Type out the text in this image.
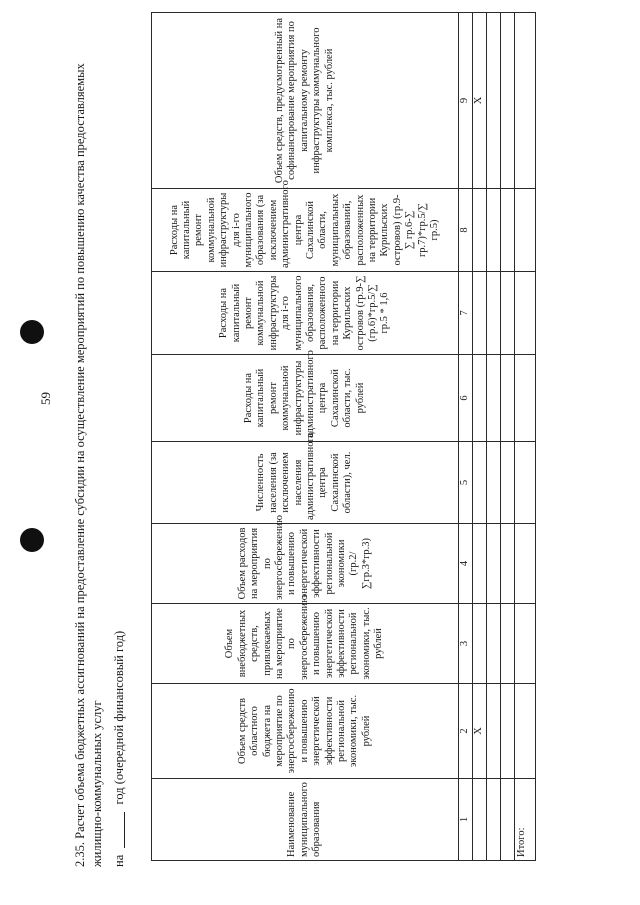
59 2.35. Расчет объема бюджетных ассигнований на предоставление субсидии на осуществление мероприятий по повышению качества предоставляемых жилищно-коммунальных услуг на  год (очередной финансовый год)
Наименование муниципального образования	Объем средств областного бюджета на мероприятие по энергосбережению и повышению энергетической эффективности региональной экономики, тыс. рублей	Объем внебюджетных средств, привлекаемых на мероприятие по энергосбережению и повышению энергетической эффективности региональной экономики, тыс. рублей	Объем расходов на мероприятия по энергосбережению и повышению энергетической эффективности региональной экономики (гр.2/∑гр.3*гр.3)	Численность населения (за исключением населения административного центра Сахалинской области), чел.	Расходы на капитальный ремонт коммунальной инфраструктуры административного центра Сахалинской области, тыс. рублей	Расходы на капитальный ремонт коммунальной инфраструктуры для i-го муниципального образования, расположенного на территории Курильских островов (гр.9-∑ (гр.6)*гр.5/∑ гр.5 * 1,6	Расходы на капитальный ремонт коммунальной инфраструктуры для i-го муниципального образования (за исключением административного центра Сахалинской области, муниципальных образований, расположенных на территории Курильских островов) (гр.9-∑ гр.6-∑ гр.7)*гр.5/∑ гр.5)	Объем средств, предусмотренный на софинансирование мероприятия по капитальному ремонту инфраструктуры коммунального комплекса, тыс. рублей
1	2	3	4	5	6	7	8	9
	X							X

Итого:								
